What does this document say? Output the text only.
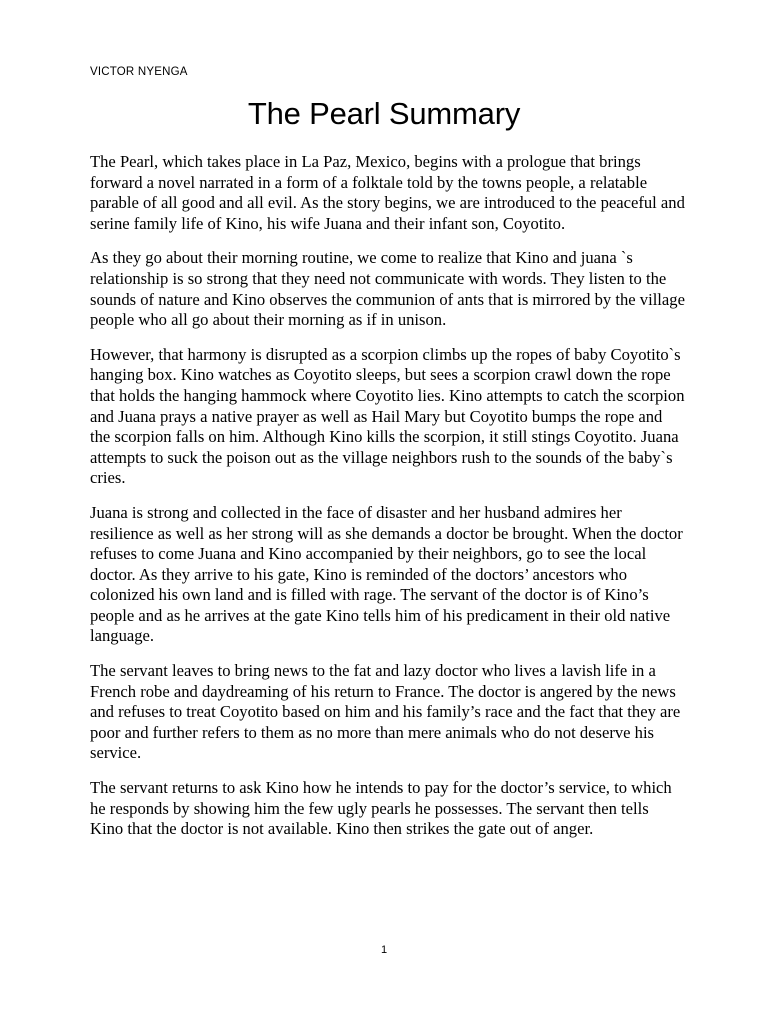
VICTOR NYENGA
The Pearl Summary

The Pearl, which takes place in La Paz, Mexico, begins with a prologue that brings forward a novel narrated in a form of a folktale told by the towns people, a relatable parable of all good and all evil. As the story begins, we are introduced to the peaceful and serine family life of Kino, his wife Juana and their infant son, Coyotito.

As they go about their morning routine, we come to realize that Kino and juana `s relationship is so strong that they need not communicate with words. They listen to the sounds of nature and Kino observes the communion of ants that is mirrored by the village people who all go about their morning as if in unison.

However, that harmony is disrupted as a scorpion climbs up the ropes of baby Coyotito`s hanging box. Kino watches as Coyotito sleeps, but sees a scorpion crawl down the rope that holds the hanging hammock where Coyotito lies. Kino attempts to catch the scorpion and Juana prays a native prayer as well as Hail Mary but Coyotito bumps the rope and the scorpion falls on him. Although Kino kills the scorpion, it still stings Coyotito. Juana attempts to suck the poison out as the village neighbors rush to the sounds of the baby`s cries.

Juana is strong and collected in the face of disaster and her husband admires her resilience as well as her strong will as she demands a doctor be brought. When the doctor refuses to come Juana and Kino accompanied by their neighbors, go to see the local doctor. As they arrive to his gate, Kino is reminded of the doctors’ ancestors who colonized his own land and is filled with rage. The servant of the doctor is of Kino’s people and as he arrives at the gate Kino tells him of his predicament in their old native language.

The servant leaves to bring news to the fat and lazy doctor who lives a lavish life in a French robe and daydreaming of his return to France. The doctor is angered by the news and refuses to treat Coyotito based on him and his family’s race and the fact that they are poor and further refers to them as no more than mere animals who do not deserve his service.

The servant returns to ask Kino how he intends to pay for the doctor’s service, to which he responds by showing him the few ugly pearls he possesses. The servant then tells Kino that the doctor is not available. Kino then strikes the gate out of anger.

1
